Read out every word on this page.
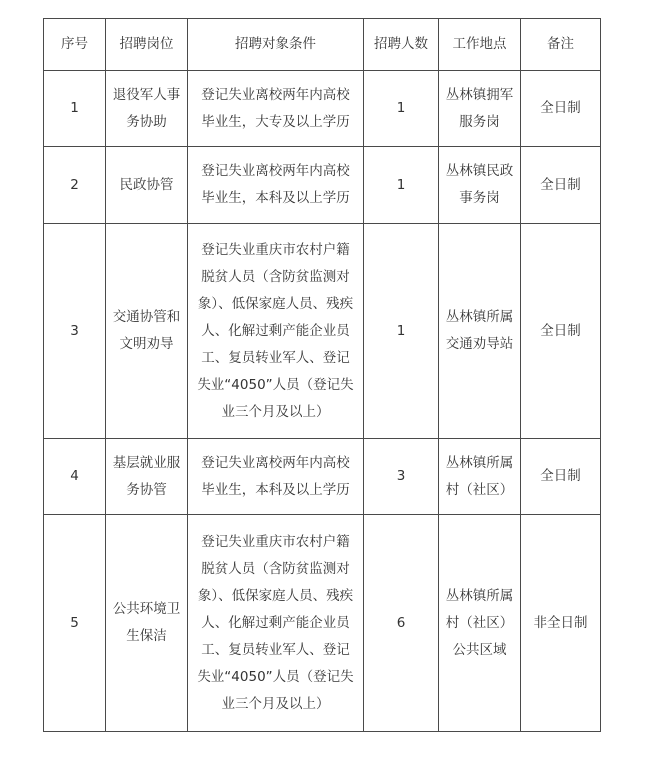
序号	招聘岗位	招聘对象条件	招聘人数	工作地点	备注
1	退役军人事务协助	登记失业离校两年内高校毕业生，大专及以上学历	1	丛林镇拥军服务岗	全日制
2	民政协管	登记失业离校两年内高校毕业生，本科及以上学历	1	丛林镇民政事务岗	全日制
3	交通协管和文明劝导	登记失业重庆市农村户籍脱贫人员（含防贫监测对象）、低保家庭人员、残疾人、化解过剩产能企业员工、复员转业军人、登记失业“4050”人员（登记失业三个月及以上）	1	丛林镇所属交通劝导站	全日制
4	基层就业服务协管	登记失业离校两年内高校毕业生，本科及以上学历	3	丛林镇所属村（社区）	全日制
5	公共环境卫生保洁	登记失业重庆市农村户籍脱贫人员（含防贫监测对象）、低保家庭人员、残疾人、化解过剩产能企业员工、复员转业军人、登记失业“4050”人员（登记失业三个月及以上）	6	丛林镇所属村（社区）公共区域	非全日制
